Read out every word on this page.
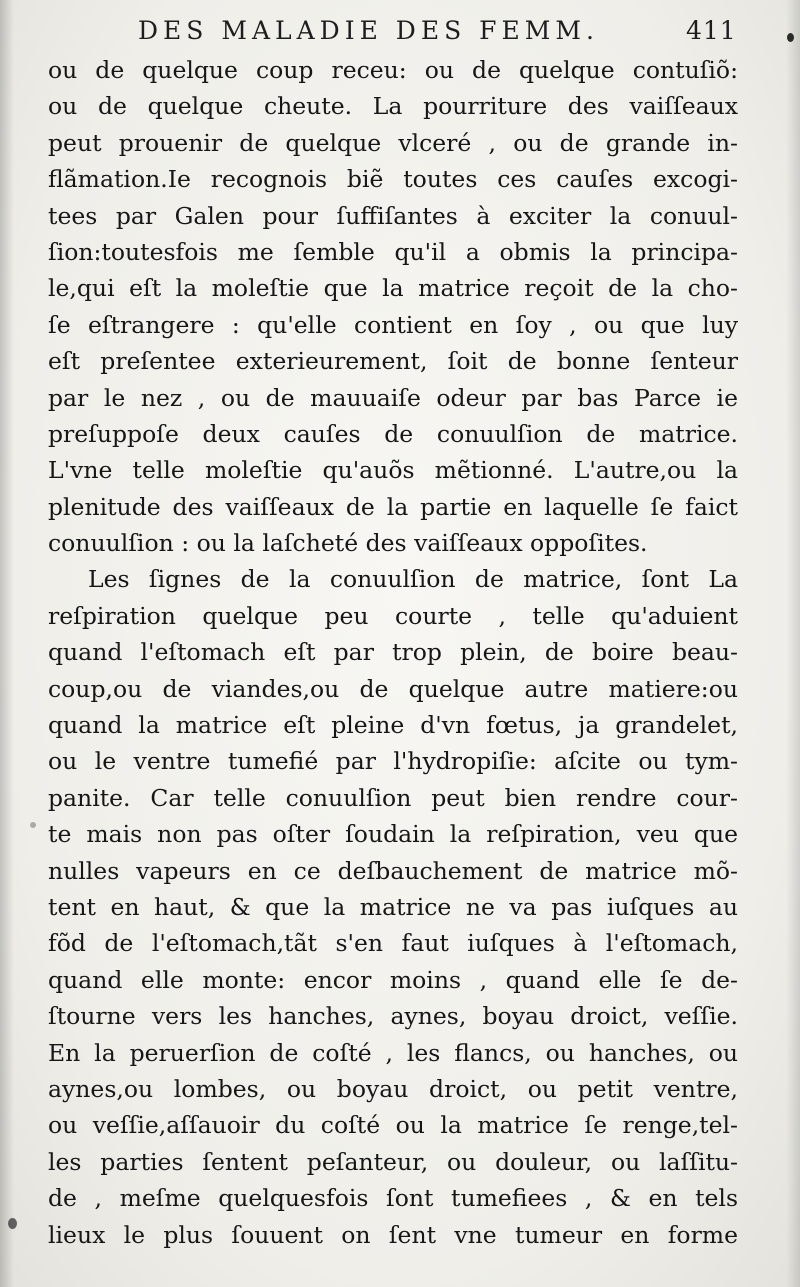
DES MALADIE DES FEMM.	411
ou de quelque coup receu: ou de quelque contuſiõ:
ou de quelque cheute. La pourriture des vaiſſeaux
peut prouenir de quelque vlceré , ou de grande in-
flãmation.Ie recognois biẽ toutes ces cauſes excogi-
tees par Galen pour ſuffiſantes à exciter la conuul-
ſion:toutesfois me ſemble qu'il a obmis la principa-
le,qui eſt la moleſtie que la matrice reçoit de la cho-
ſe eſtrangere : qu'elle contient en ſoy , ou que luy
eſt preſentee exterieurement, ſoit de bonne ſenteur
par le nez , ou de mauuaiſe odeur par bas Parce ie
preſuppoſe deux cauſes de conuulſion de matrice.
L'vne telle moleſtie qu'auõs mẽtionné. L'autre,ou la
plenitude des vaiſſeaux de la partie en laquelle ſe faict
conuulſion : ou la laſcheté des vaiſſeaux oppoſites.
Les ſignes de la conuulſion de matrice, ſont La
reſpiration quelque peu courte , telle qu'aduient
quand l'eſtomach eſt par trop plein, de boire beau-
coup,ou de viandes,ou de quelque autre matiere:ou
quand la matrice eſt pleine d'vn fœtus, ja grandelet,
ou le ventre tumefié par l'hydropiſie: aſcite ou tym-
panite. Car telle conuulſion peut bien rendre cour-
te mais non pas oſter ſoudain la reſpiration, veu que
nulles vapeurs en ce deſbauchement de matrice mõ-
tent en haut, & que la matrice ne va pas iuſques au
fõd de l'eſtomach,tãt s'en faut iuſques à l'eſtomach,
quand elle monte: encor moins , quand elle ſe de-
ſtourne vers les hanches, aynes, boyau droict, veſſie.
En la peruerſion de coſté , les flancs, ou hanches, ou
aynes,ou lombes, ou boyau droict, ou petit ventre,
ou veſſie,aſſauoir du coſté ou la matrice ſe renge,tel-
les parties ſentent peſanteur, ou douleur, ou laſſitu-
de , meſme quelquesfois ſont tumefiees , & en tels
lieux le plus ſouuent on ſent vne tumeur en forme
